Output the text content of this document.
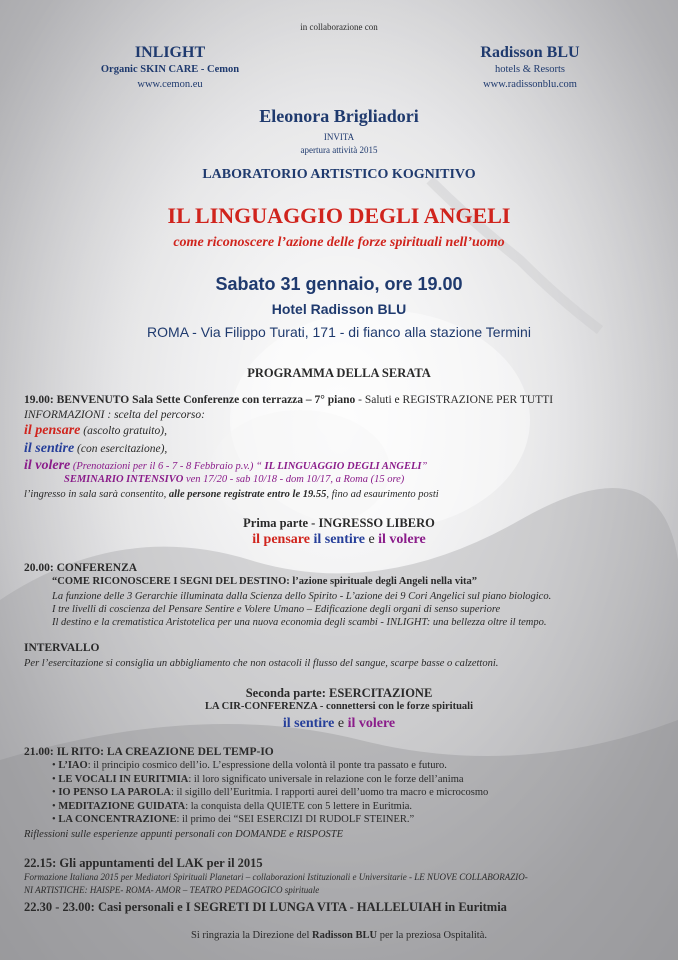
in collaborazione con
INLIGHT
Organic SKIN CARE - Cemon
www.cemon.eu
Radisson BLU
hotels & Resorts
www.radissonblu.com
Eleonora Brigliadori
INVITA
apertura attività 2015
LABORATORIO ARTISTICO KOGNITIVO
IL LINGUAGGIO DEGLI ANGELI
come riconoscere l’azione delle forze spirituali nell’uomo
Sabato 31 gennaio, ore 19.00
Hotel Radisson BLU
ROMA - Via Filippo Turati, 171 - di fianco alla stazione Termini
PROGRAMMA DELLA SERATA
19.00: BENVENUTO Sala Sette Conferenze con terrazza – 7° piano - Saluti e REGISTRAZIONE PER TUTTI
INFORMAZIONI : scelta del percorso:
il pensare (ascolto gratuito),
il sentire (con esercitazione),
il volere (Prenotazioni per il 6 - 7 - 8 Febbraio p.v.) “ IL LINGUAGGIO DEGLI ANGELI”
SEMINARIO INTENSIVO ven 17/20 - sab 10/18 - dom 10/17, a Roma (15 ore)
l’ingresso in sala sarà consentito, alle persone registrate entro le 19.55, fino ad esaurimento posti
Prima parte - INGRESSO LIBERO
il pensare il sentire e il volere
20.00: CONFERENZA
“COME RICONOSCERE I SEGNI DEL DESTINO: l’azione spirituale degli Angeli nella vita”
La funzione delle 3 Gerarchie illuminata dalla Scienza dello Spirito - L’azione dei 9 Cori Angelici sul piano biologico.
I tre livelli di coscienza del Pensare Sentire e Volere Umano – Edificazione degli organi di senso superiore
Il destino e la crematistica Aristotelica per una nuova economia degli scambi - INLIGHT: una bellezza oltre il tempo.
INTERVALLO
Per l’esercitazione si consiglia un abbigliamento che non ostacoli il flusso del sangue, scarpe basse o calzettoni.
Seconda parte: ESERCITAZIONE
LA CIR-CONFERENZA - connettersi con le forze spirituali
il sentire e il volere
21.00: IL RITO: LA CREAZIONE DEL TEMP-IO
• L’IAO: il principio cosmico dell’io. L’espressione della volontà il ponte tra passato e futuro.
• LE VOCALI IN EURITMIA: il loro significato universale in relazione con le forze dell’anima
• IO PENSO LA PAROLA: il sigillo dell’Euritmia. I rapporti aurei dell’uomo tra macro e microcosmo
• MEDITAZIONE GUIDATA: la conquista della QUIETE con 5 lettere in Euritmia.
• LA CONCENTRAZIONE: il primo dei “SEI ESERCIZI DI RUDOLF STEINER.”
Riflessioni sulle esperienze appunti personali con DOMANDE e RISPOSTE
22.15: Gli appuntamenti del LAK per il 2015
Formazione Italiana 2015 per Mediatori Spirituali Planetari – collaborazioni Istituzionali e Universitarie - LE NUOVE COLLABORAZIO-
NI ARTISTICHE: HAISPE- ROMA- AMOR – TEATRO PEDAGOGICO spirituale
22.30 - 23.00: Casi personali e I SEGRETI DI LUNGA VITA - HALLELUIAH in Euritmia
Si ringrazia la Direzione del Radisson BLU per la preziosa Ospitalità.
